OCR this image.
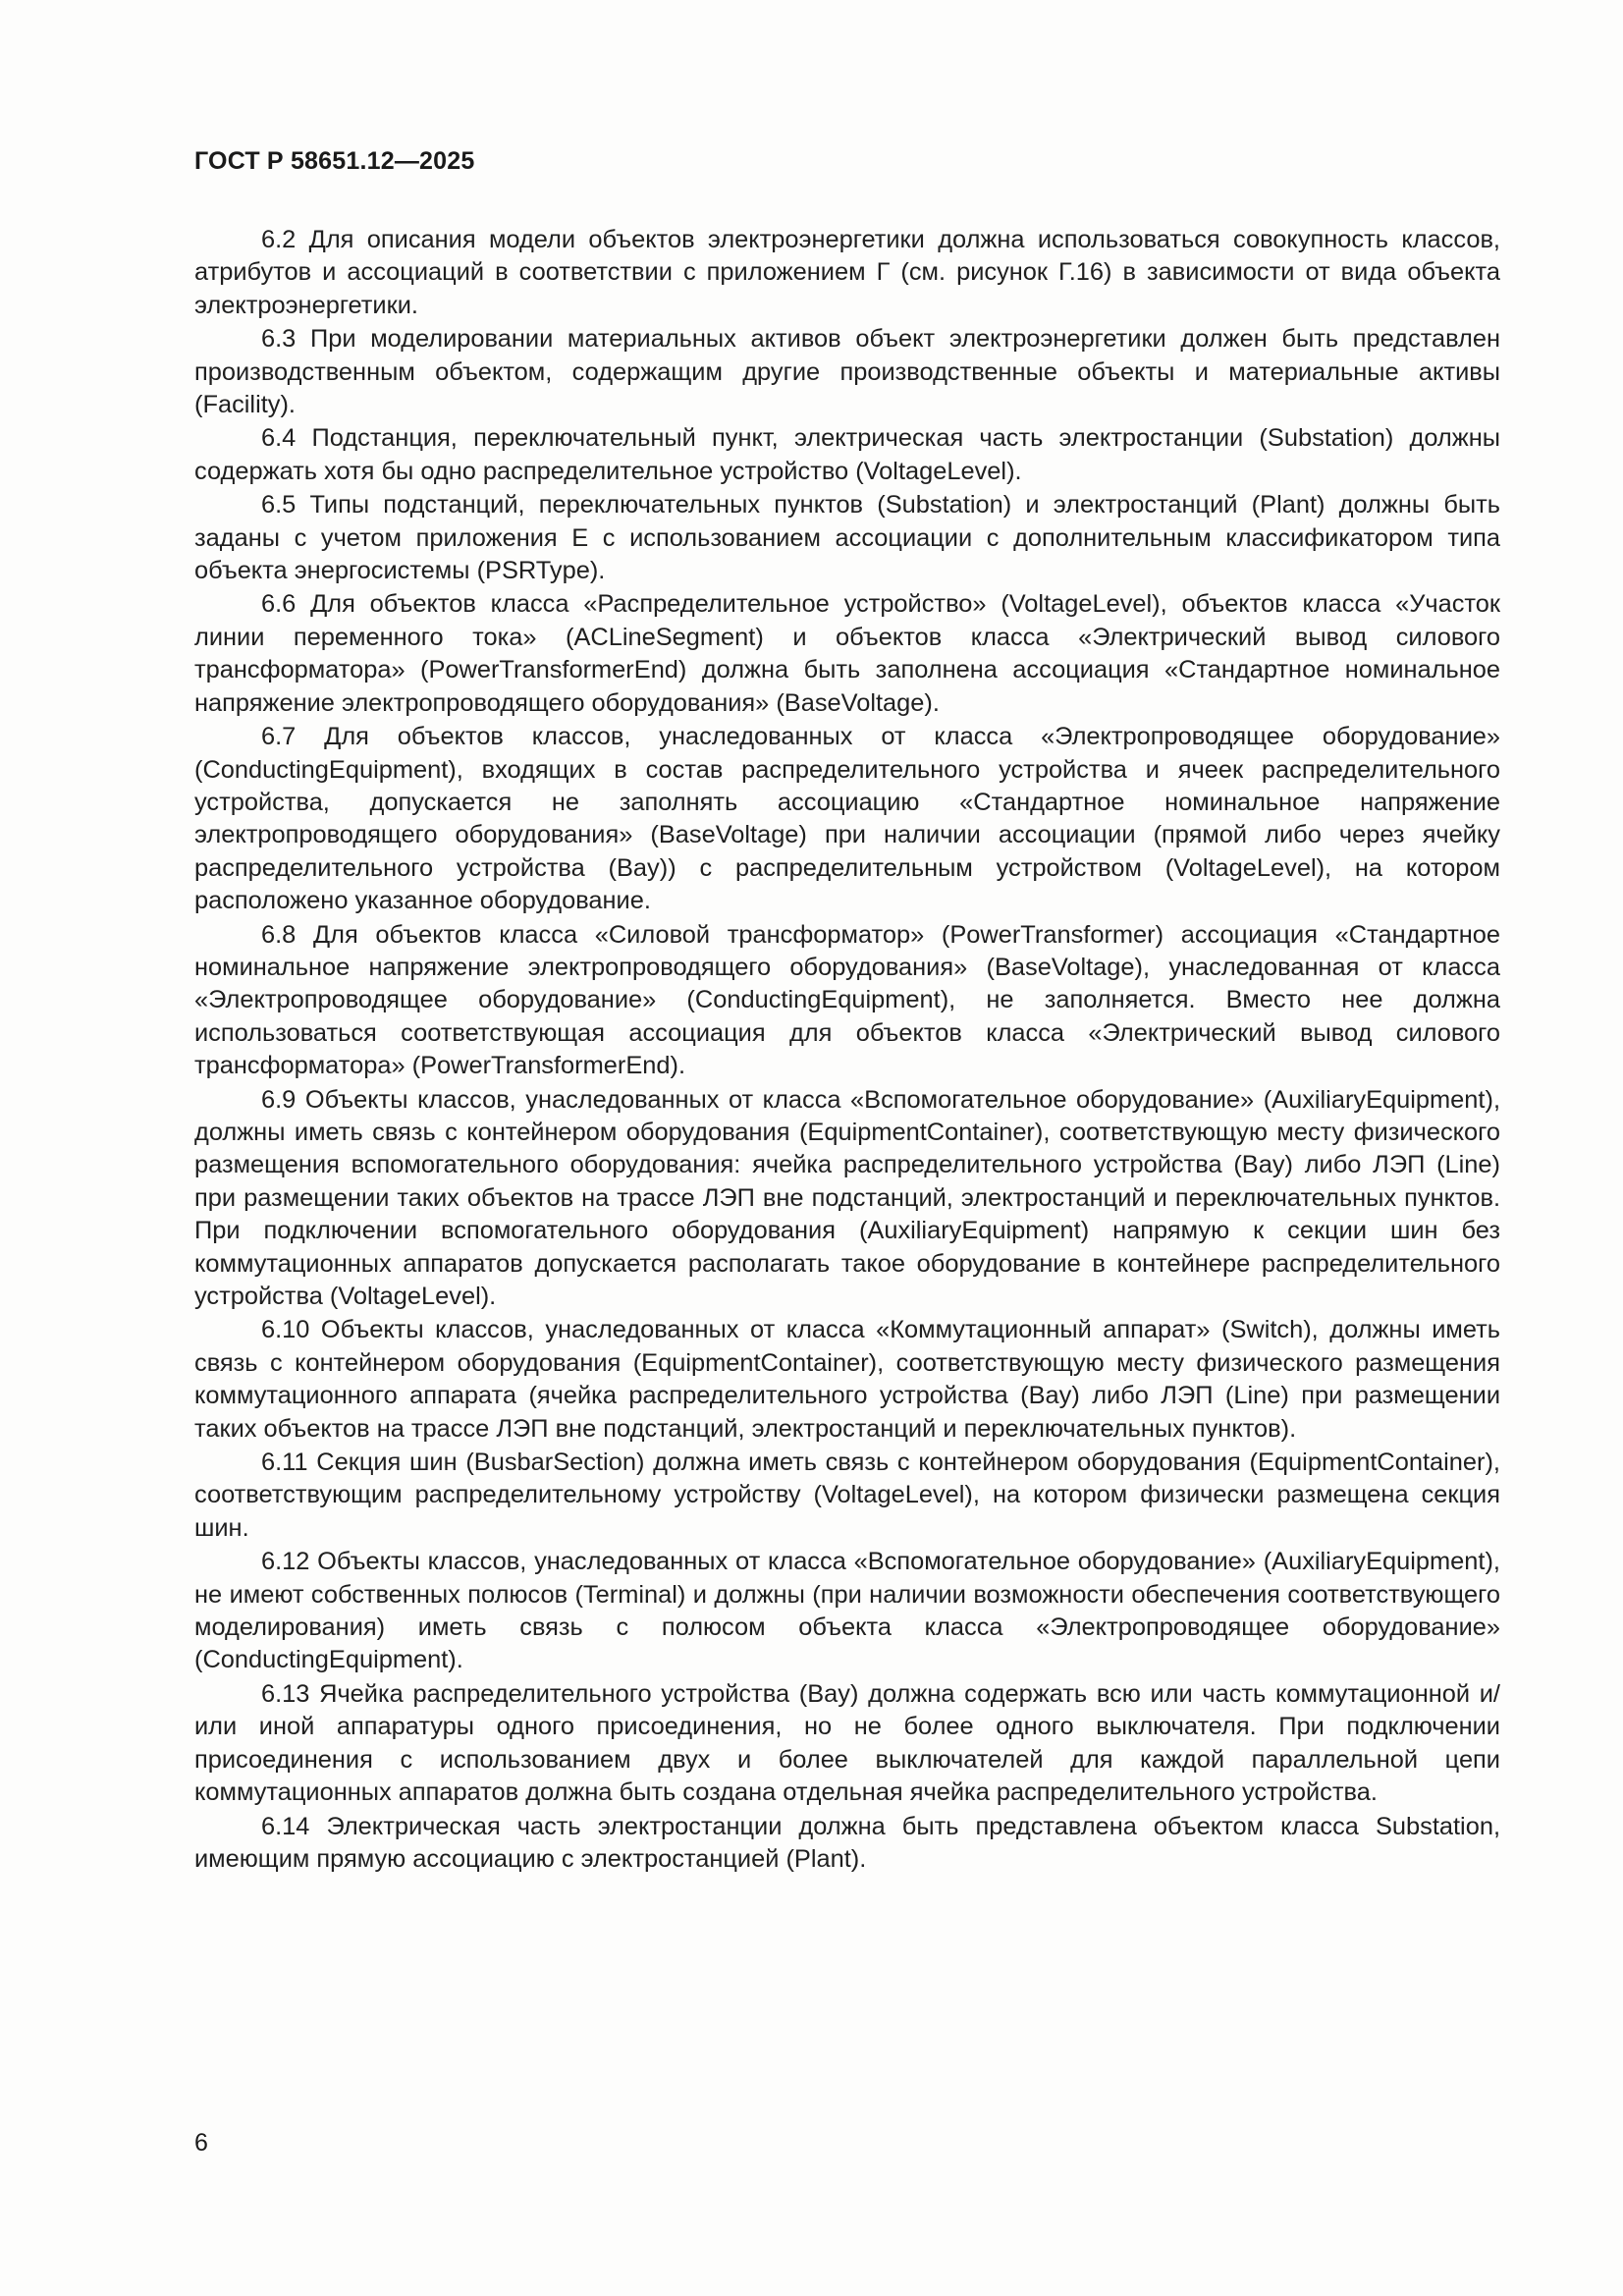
ГОСТ Р 58651.12—2025

6.2 Для описания модели объектов электроэнергетики должна использоваться совокупность классов, атрибутов и ассоциаций в соответствии с приложением Г (см. рисунок Г.16) в зависимости от вида объекта электроэнергетики.

6.3 При моделировании материальных активов объект электроэнергетики должен быть представлен производственным объектом, содержащим другие производственные объекты и материальные активы (Facility).

6.4 Подстанция, переключательный пункт, электрическая часть электростанции (Substation) должны содержать хотя бы одно распределительное устройство (VoltageLevel).

6.5 Типы подстанций, переключательных пунктов (Substation) и электростанций (Plant) должны быть заданы с учетом приложения Е с использованием ассоциации с дополнительным классификатором типа объекта энергосистемы (PSRType).

6.6 Для объектов класса «Распределительное устройство» (VoltageLevel), объектов класса «Участок линии переменного тока» (ACLineSegment) и объектов класса «Электрический вывод силового трансформатора» (PowerTransformerEnd) должна быть заполнена ассоциация «Стандартное номинальное напряжение электропроводящего оборудования» (BaseVoltage).

6.7 Для объектов классов, унаследованных от класса «Электропроводящее оборудование» (ConductingEquipment), входящих в состав распределительного устройства и ячеек распределительного устройства, допускается не заполнять ассоциацию «Стандартное номинальное напряжение электропроводящего оборудования» (BaseVoltage) при наличии ассоциации (прямой либо через ячейку распределительного устройства (Bay)) с распределительным устройством (VoltageLevel), на котором расположено указанное оборудование.

6.8 Для объектов класса «Силовой трансформатор» (PowerTransformer) ассоциация «Стандартное номинальное напряжение электропроводящего оборудования» (BaseVoltage), унаследованная от класса «Электропроводящее оборудование» (ConductingEquipment), не заполняется. Вместо нее должна использоваться соответствующая ассоциация для объектов класса «Электрический вывод силового трансформатора» (PowerTransformerEnd).

6.9 Объекты классов, унаследованных от класса «Вспомогательное оборудование» (AuxiliaryEquipment), должны иметь связь с контейнером оборудования (EquipmentContainer), соответствующую месту физического размещения вспомогательного оборудования: ячейка распределительного устройства (Bay) либо ЛЭП (Line) при размещении таких объектов на трассе ЛЭП вне подстанций, электростанций и переключательных пунктов. При подключении вспомогательного оборудования (AuxiliaryEquipment) напрямую к секции шин без коммутационных аппаратов допускается располагать такое оборудование в контейнере распределительного устройства (VoltageLevel).

6.10 Объекты классов, унаследованных от класса «Коммутационный аппарат» (Switch), должны иметь связь с контейнером оборудования (EquipmentContainer), соответствующую месту физического размещения коммутационного аппарата (ячейка распределительного устройства (Bay) либо ЛЭП (Line) при размещении таких объектов на трассе ЛЭП вне подстанций, электростанций и переключательных пунктов).

6.11 Секция шин (BusbarSection) должна иметь связь с контейнером оборудования (EquipmentContainer), соответствующим распределительному устройству (VoltageLevel), на котором физически размещена секция шин.

6.12 Объекты классов, унаследованных от класса «Вспомогательное оборудование» (AuxiliaryEquipment), не имеют собственных полюсов (Terminal) и должны (при наличии возможности обеспечения соответствующего моделирования) иметь связь с полюсом объекта класса «Электропроводящее оборудование» (ConductingEquipment).

6.13 Ячейка распределительного устройства (Bay) должна содержать всю или часть коммутационной и/или иной аппаратуры одного присоединения, но не более одного выключателя. При подключении присоединения с использованием двух и более выключателей для каждой параллельной цепи коммутационных аппаратов должна быть создана отдельная ячейка распределительного устройства.

6.14 Электрическая часть электростанции должна быть представлена объектом класса Substation, имеющим прямую ассоциацию с электростанцией (Plant).

6
